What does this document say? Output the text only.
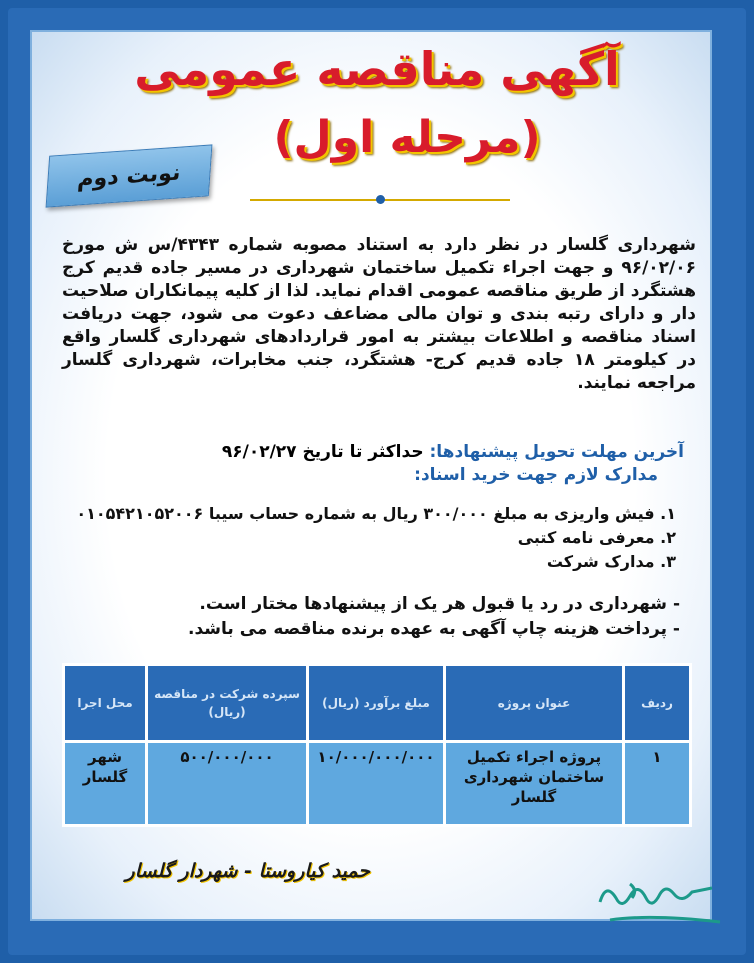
آگهی مناقصه عمومی
(مرحله اول)
نوبت دوم
شهرداری گلسار در نظر دارد به استناد مصوبه شماره ۴۳۴۳/س ش مورخ ۹۶/۰۲/۰۶ و جهت اجراء تکمیل ساختمان شهرداری در مسیر جاده قدیم کرج هشتگرد از طریق مناقصه عمومی اقدام نماید. لذا از کلیه پیمانکاران صلاحیت دار و دارای رتبه بندی و توان مالی مضاعف دعوت می شود، جهت دریافت اسناد مناقصه و اطلاعات بیشتر به امور قراردادهای شهرداری گلسار واقع در کیلومتر ۱۸ جاده قدیم کرج- هشتگرد، جنب مخابرات، شهرداری گلسار مراجعه نمایند.
آخرین مهلت تحویل پیشنهادها: حداکثر تا تاریخ ۹۶/۰۲/۲۷
مدارک لازم جهت خرید اسناد:
۱. فیش واریزی به مبلغ ۳۰۰/۰۰۰ ریال به شماره حساب سیبا ۰۱۰۵۴۲۱۰۵۲۰۰۶
۲. معرفی نامه کتبی
۳. مدارک شرکت
- شهرداری در رد یا قبول هر یک از پیشنهادها مختار است.
- پرداخت هزینه چاپ آگهی به عهده برنده مناقصه می باشد.
ردیف	عنوان پروژه	مبلغ برآورد (ریال)	سپرده شرکت در مناقصه (ریال)	محل اجرا
۱	پروژه اجراء تکمیل ساختمان شهرداری گلسار	۱۰/۰۰۰/۰۰۰/۰۰۰	۵۰۰/۰۰۰/۰۰۰	شهر گلسار
حمید کیاروستا - شهردار گلسار
